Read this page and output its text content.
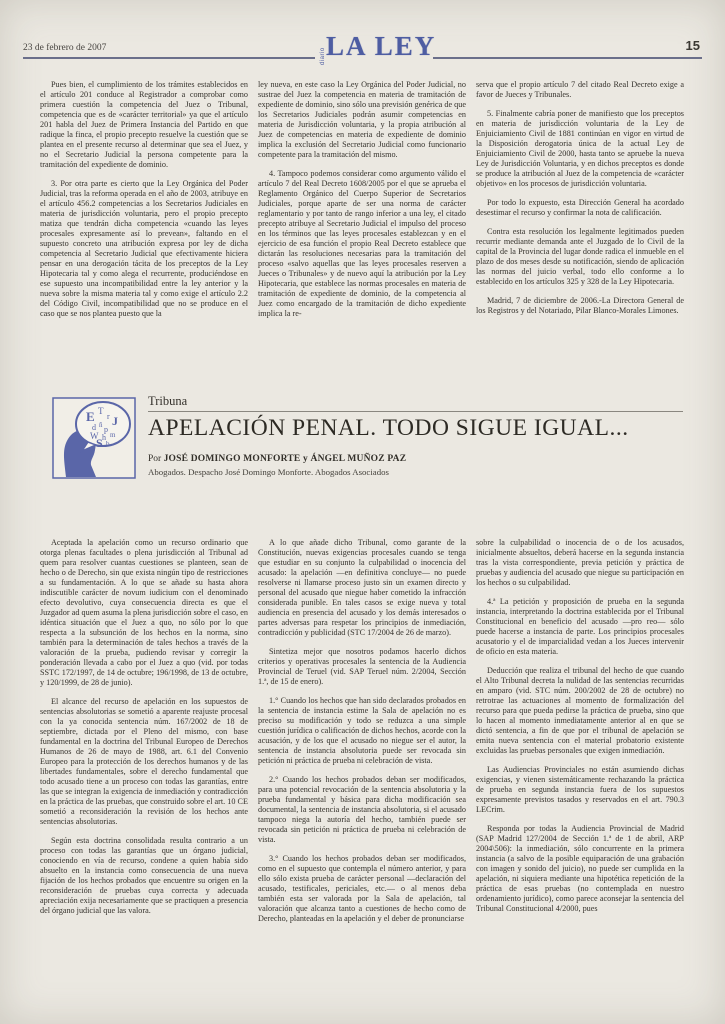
23 de febrero de 2007	diario LA LEY	15

Pues bien, el cumplimiento de los trámites establecidos en el artículo 201 conduce al Registrador a comprobar como primera cuestión la competencia del Juez o Tribunal, competencia que es de «carácter territorial» ya que el artículo 201 habla del Juez de Primera Instancia del Partido en que radique la finca, el propio precepto resuelve la cuestión que se plantea en el presente recurso al determinar que sea el Juez, y no el Secretario Judicial la persona competente para la tramitación del expediente de dominio.

3. Por otra parte es cierto que la Ley Orgánica del Poder Judicial, tras la reforma operada en el año de 2003, atribuye en el artículo 456.2 competencias a los Secretarios Judiciales en materia de jurisdicción voluntaria, pero el propio precepto matiza que tendrán dicha competencia «cuando las leyes procesales expresamente así lo prevean», faltando en el supuesto concreto una atribución expresa por ley de dicha competencia al Secretario Judicial que efectivamente hiciera pensar en una derogación tácita de los preceptos de la Ley Hipotecaria tal y como alega el recurrente, produciéndose en ese supuesto una incompatibilidad entre la ley anterior y la nueva sobre la misma materia tal y como exige el artículo 2.2 del Código Civil, incompatibilidad que no se produce en el caso que se nos plantea puesto que la

ley nueva, en este caso la Ley Orgánica del Poder Judicial, no sustrae del Juez la competencia en materia de tramitación de expediente de dominio, sino sólo una previsión genérica de que los Secretarios Judiciales podrán asumir competencias en materia de Jurisdicción voluntaria, y la propia atribución al Juez de competencias en materia de expediente de dominio implica la exclusión del Secretario Judicial como funcionario competente para la tramitación del mismo.

4. Tampoco podemos considerar como argumento válido el artículo 7 del Real Decreto 1608/2005 por el que se aprueba el Reglamento Orgánico del Cuerpo Superior de Secretarios Judiciales, porque aparte de ser una norma de carácter reglamentario y por tanto de rango inferior a una ley, el citado precepto atribuye al Secretario Judicial el impulso del proceso en los términos que las leyes procesales establezcan y en el ejercicio de esa función el propio Real Decreto establece que dictarán las resoluciones necesarias para la tramitación del proceso «salvo aquellas que las leyes procesales reserven a Jueces o Tribunales» y de nuevo aquí la atribución por la Ley Hipotecaria, que establece las normas procesales en materia de tramitación de expediente de dominio, de la competencia al Juez como encargado de la tramitación de dicho expediente implica la re-

serva que el propio artículo 7 del citado Real Decreto exige a favor de Jueces y Tribunales.

5. Finalmente cabría poner de manifiesto que los preceptos en materia de jurisdicción voluntaria de la Ley de Enjuiciamiento Civil de 1881 continúan en vigor en virtud de la Disposición derogatoria única de la actual Ley de Enjuiciamiento Civil de 2000, hasta tanto se apruebe la nueva Ley de Jurisdicción Voluntaria, y en dichos preceptos es donde se produce la atribución al Juez de la competencia de «carácter objetivo» en los procesos de jurisdicción voluntaria.

Por todo lo expuesto, esta Dirección General ha acordado desestimar el recurso y confirmar la nota de calificación.

Contra esta resolución los legalmente legitimados pueden recurrir mediante demanda ante el Juzgado de lo Civil de la capital de la Provincia del lugar donde radica el inmueble en el plazo de dos meses desde su notificación, siendo de aplicación las normas del juicio verbal, todo ello conforme a lo establecido en los artículos 325 y 328 de la Ley Hipotecaria.

Madrid, 7 de diciembre de 2006.-La Directora General de los Registros y del Notariado, Pilar Blanco-Morales Limones.

E T
r J
d ñ p
W h m
S b
Tribuna
APELACIÓN PENAL. TODO SIGUE IGUAL...
Por JOSÉ DOMINGO MONFORTE y ÁNGEL MUÑOZ PAZ
Abogados. Despacho José Domingo Monforte. Abogados Asociados

Aceptada la apelación como un recurso ordinario que otorga plenas facultades o plena jurisdicción al Tribunal ad quem para resolver cuantas cuestiones se planteen, sean de hecho o de Derecho, sin que exista ningún tipo de restricciones a su fundamentación. A lo que se añade su hasta ahora indiscutible carácter de novum iudicium con el denominado efecto devolutivo, cuya consecuencia directa es que el Juzgador ad quem asuma la plena jurisdicción sobre el caso, en idéntica situación que el Juez a quo, no sólo por lo que respecta a la subsunción de los hechos en la norma, sino también para la determinación de tales hechos a través de la valoración de la prueba, pudiendo revisar y corregir la ponderación llevada a cabo por el Juez a quo (vid. por todas SSTC 172/1997, de 14 de octubre; 196/1998, de 13 de octubre, y 120/1999, de 28 de junio).

El alcance del recurso de apelación en los supuestos de sentencias absolutorias se sometió a aparente reajuste procesal con la ya conocida sentencia núm. 167/2002 de 18 de septiembre, dictada por el Pleno del mismo, con base fundamental en la doctrina del Tribunal Europeo de Derechos Humanos de 26 de mayo de 1988, art. 6.1 del Convenio Europeo para la protección de los derechos humanos y de las libertades fundamentales, sobre el derecho fundamental que todo acusado tiene a un proceso con todas las garantías, entre las que se integran la exigencia de inmediación y contradicción en la práctica de las pruebas, que construido sobre el art. 10 CE sometió a reconsideración la revisión de los hechos ante sentencias absolutorias.

Según esta doctrina consolidada resulta contrario a un proceso con todas las garantías que un órgano judicial, conociendo en vía de recurso, condene a quien había sido absuelto en la instancia como consecuencia de una nueva fijación de los hechos probados que encuentre su origen en la reconsideración de pruebas cuya correcta y adecuada apreciación exija necesariamente que se practiquen a presencia del órgano judicial que las valora.

A lo que añade dicho Tribunal, como garante de la Constitución, nuevas exigencias procesales cuando se tenga que estudiar en su conjunto la culpabilidad o inocencia del acusado: la apelación —en definitiva concluye— no puede resolverse ni llamarse proceso justo sin un examen directo y personal del acusado que niegue haber cometido la infracción considerada punible. En tales casos se exige nueva y total audiencia en presencia del acusado y los demás interesados o partes adversas para respetar los principios de inmediación, contradicción y publicidad (STC 17/2004 de 26 de marzo).

Sintetiza mejor que nosotros podamos hacerlo dichos criterios y operativas procesales la sentencia de la Audiencia Provincial de Teruel (vid. SAP Teruel núm. 2/2004, Sección 1.ª, de 15 de enero).

1.° Cuando los hechos que han sido declarados probados en la sentencia de instancia estime la Sala de apelación no es preciso su modificación y todo se reduzca a una simple cuestión jurídica o calificación de dichos hechos, acorde con la acusación, y de los que el acusado no niegue ser el autor, la sentencia de instancia absolutoria puede ser revocada sin petición ni práctica de prueba ni celebración de vista.

2.° Cuando los hechos probados deban ser modificados, para una potencial revocación de la sentencia absolutoria y la prueba fundamental y básica para dicha modificación sea documental, la sentencia de instancia absolutoria, si el acusado tampoco niega la autoría del hecho, también puede ser revocada sin petición ni práctica de prueba ni celebración de vista.

3.° Cuando los hechos probados deban ser modificados, como en el supuesto que contempla el número anterior, y para ello sólo exista prueba de carácter personal —declaración del acusado, testificales, periciales, etc.— o al menos deba también esta ser valorada por la Sala de apelación, tal valoración que alcanza tanto a cuestiones de hecho como de Derecho, planteadas en la apelación y el deber de pronunciarse

sobre la culpabilidad o inocencia de o de los acusados, inicialmente absueltos, deberá hacerse en la segunda instancia tras la vista correspondiente, previa petición y práctica de pruebas y audiencia del acusado que niegue su participación en los hechos o su culpabilidad.

4.ª La petición y proposición de prueba en la segunda instancia, interpretando la doctrina establecida por el Tribunal Constitucional en beneficio del acusado —pro reo— sólo puede hacerse a instancia de parte. Los principios procesales acusatorio y el de imparcialidad vedan a los Jueces intervenir de oficio en esta materia.

Deducción que realiza el tribunal del hecho de que cuando el Alto Tribunal decreta la nulidad de las sentencias recurridas en amparo (vid. STC núm. 200/2002 de 28 de octubre) no retrotrae las actuaciones al momento de formalización del recurso para que pueda pedirse la práctica de prueba, sino que lo hacen al momento inmediatamente anterior al en que se dictó sentencia, a fin de que por el tribunal de apelación se emita nueva sentencia con el material probatorio existente excluidas las pruebas personales que exigen inmediación.

Las Audiencias Provinciales no están asumiendo dichas exigencias, y vienen sistemáticamente rechazando la práctica de prueba en segunda instancia fuera de los supuestos expresamente previstos tasados y reservados en el art. 790.3 LECrim.

Responda por todas la Audiencia Provincial de Madrid (SAP Madrid 127/2004 de Sección 1.ª de 1 de abril, ARP 2004\506): la inmediación, sólo concurrente en la primera instancia (a salvo de la posible equiparación de una grabación con imagen y sonido del juicio), no puede ser cumplida en la apelación, ni siquiera mediante una hipotética repetición de la práctica de esas pruebas (no contemplada en nuestro ordenamiento jurídico), como parece aconsejar la sentencia del Tribunal Constitucional 4/2000, pues
